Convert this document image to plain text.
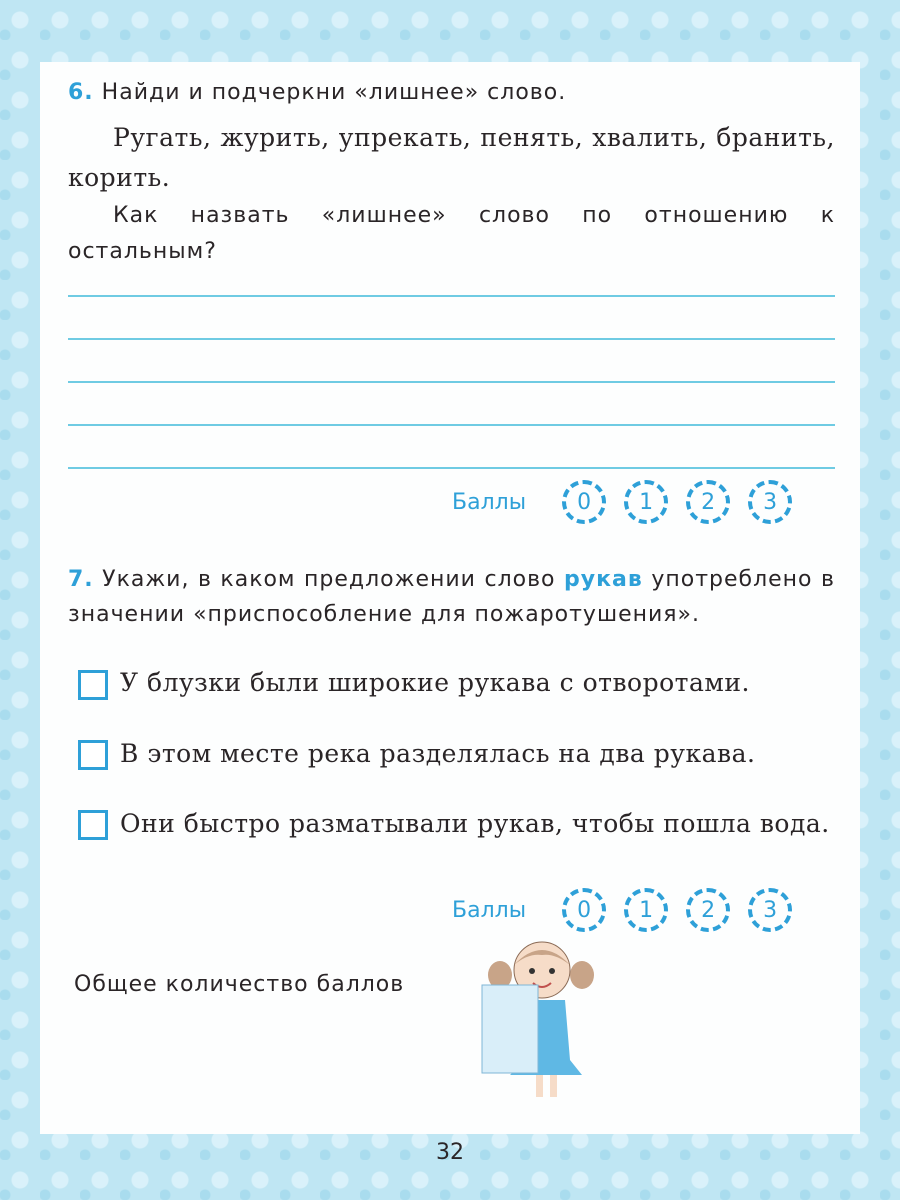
6. Найди и подчеркни «лишнее» слово.
Ругать, журить, упрекать, пенять, хвалить, бранить, корить.
Как назвать «лишнее» слово по отношению к остальным?
Баллы	0	1	2	3
7. Укажи, в каком предложении слово рукав употреблено в значении «приспособление для пожаротушения».
У блузки были широкие рукава с отворотами.
В этом месте река разделялась на два рукава.
Они быстро разматывали рукав, чтобы пошла вода.
Баллы	0	1	2	3
Общее количество баллов
32
